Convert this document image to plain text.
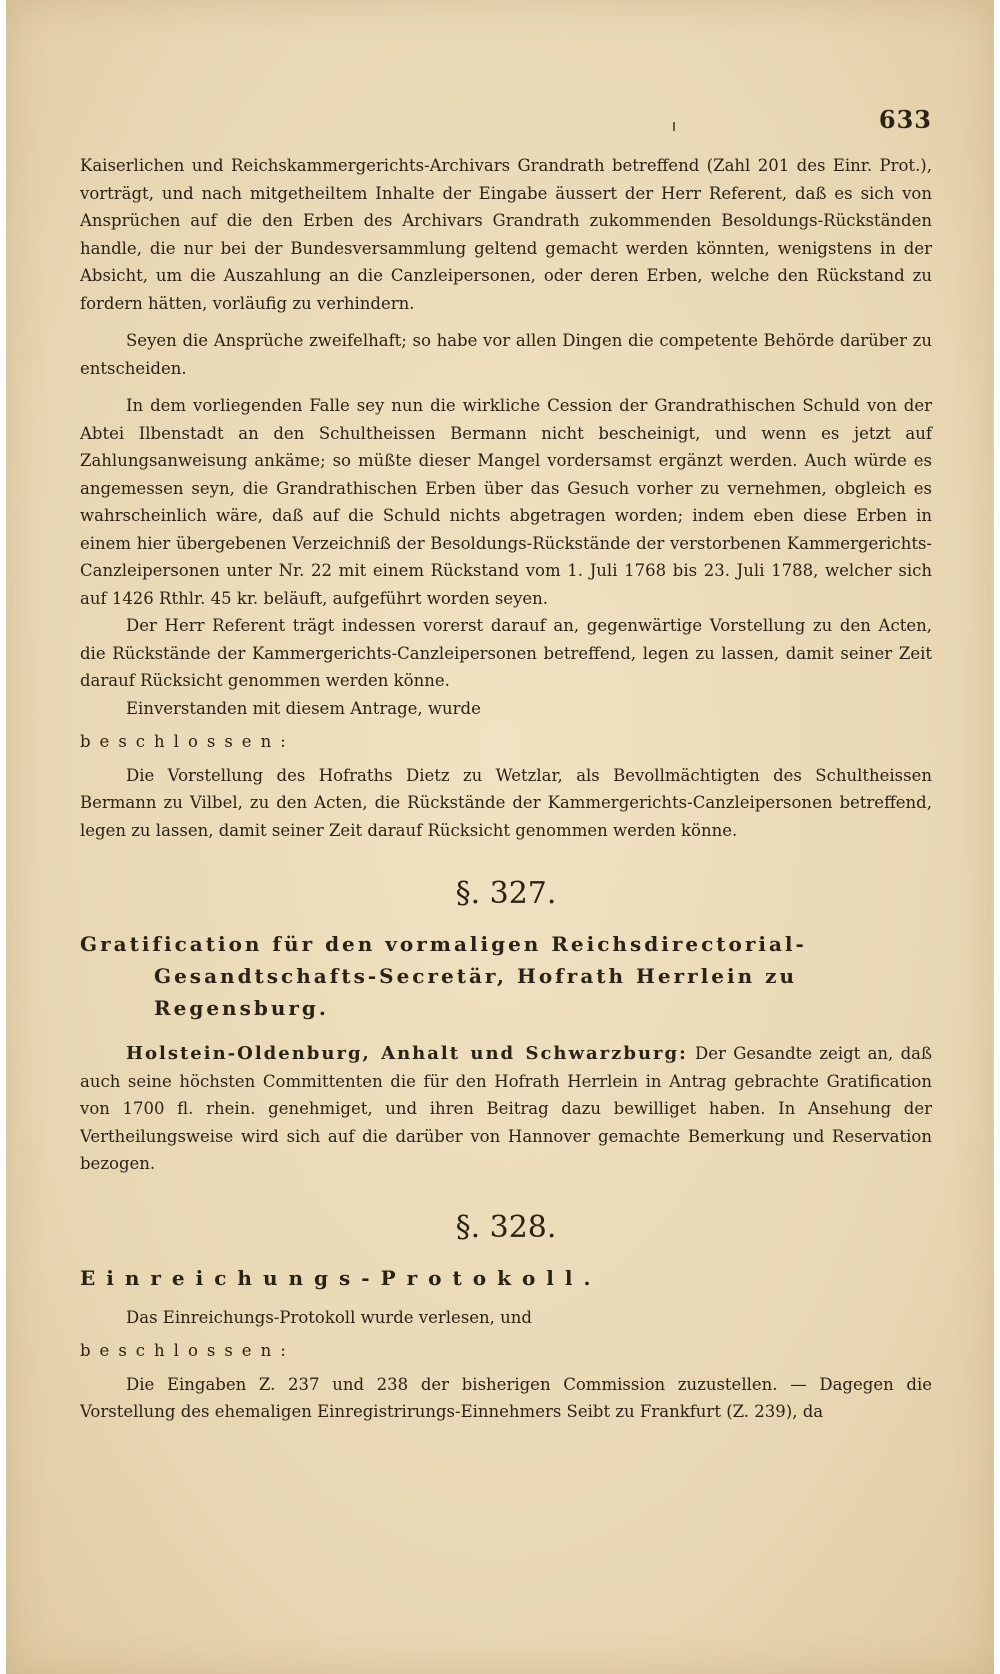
633

Kaiserlichen und Reichskammergerichts-Archivars Grandrath betreffend (Zahl 201 des Einr. Prot.), vorträgt, und nach mitgetheiltem Inhalte der Eingabe äussert der Herr Referent, daß es sich von Ansprüchen auf die den Erben des Archivars Grandrath zukommenden Besoldungs-Rückständen handle, die nur bei der Bundesversammlung geltend gemacht werden könnten, wenigstens in der Absicht, um die Auszahlung an die Canzleipersonen, oder deren Erben, welche den Rückstand zu fordern hätten, vorläufig zu verhindern.

Seyen die Ansprüche zweifelhaft; so habe vor allen Dingen die competente Behörde darüber zu entscheiden.

In dem vorliegenden Falle sey nun die wirkliche Cession der Grandrathischen Schuld von der Abtei Ilbenstadt an den Schultheissen Bermann nicht bescheinigt, und wenn es jetzt auf Zahlungsanweisung ankäme; so müßte dieser Mangel vordersamst ergänzt werden. Auch würde es angemessen seyn, die Grandrathischen Erben über das Gesuch vorher zu vernehmen, obgleich es wahrscheinlich wäre, daß auf die Schuld nichts abgetragen worden; indem eben diese Erben in einem hier übergebenen Verzeichniß der Besoldungs-Rückstände der verstorbenen Kammergerichts-Canzleipersonen unter Nr. 22 mit einem Rückstand vom 1. Juli 1768 bis 23. Juli 1788, welcher sich auf 1426 Rthlr. 45 kr. beläuft, aufgeführt worden seyen.

Der Herr Referent trägt indessen vorerst darauf an, gegenwärtige Vorstellung zu den Acten, die Rückstände der Kammergerichts-Canzleipersonen betreffend, legen zu lassen, damit seiner Zeit darauf Rücksicht genommen werden könne.

Einverstanden mit diesem Antrage, wurde

beschlossen:

Die Vorstellung des Hofraths Dietz zu Wetzlar, als Bevollmächtigten des Schultheissen Bermann zu Vilbel, zu den Acten, die Rückstände der Kammergerichts-Canzleipersonen betreffend, legen zu lassen, damit seiner Zeit darauf Rücksicht genommen werden könne.

§. 327.

Gratification für den vormaligen Reichsdirectorial-Gesandtschafts-Secretär, Hofrath Herrlein zu Regensburg.

Holstein-Oldenburg, Anhalt und Schwarzburg: Der Gesandte zeigt an, daß auch seine höchsten Committenten die für den Hofrath Herrlein in Antrag gebrachte Gratification von 1700 fl. rhein. genehmiget, und ihren Beitrag dazu bewilliget haben. In Ansehung der Vertheilungsweise wird sich auf die darüber von Hannover gemachte Bemerkung und Reservation bezogen.

§. 328.

Einreichungs-Protokoll.

Das Einreichungs-Protokoll wurde verlesen, und

beschlossen:

Die Eingaben Z. 237 und 238 der bisherigen Commission zuzustellen. — Dagegen die Vorstellung des ehemaligen Einregistrirungs-Einnehmers Seibt zu Frankfurt (Z. 239), da
